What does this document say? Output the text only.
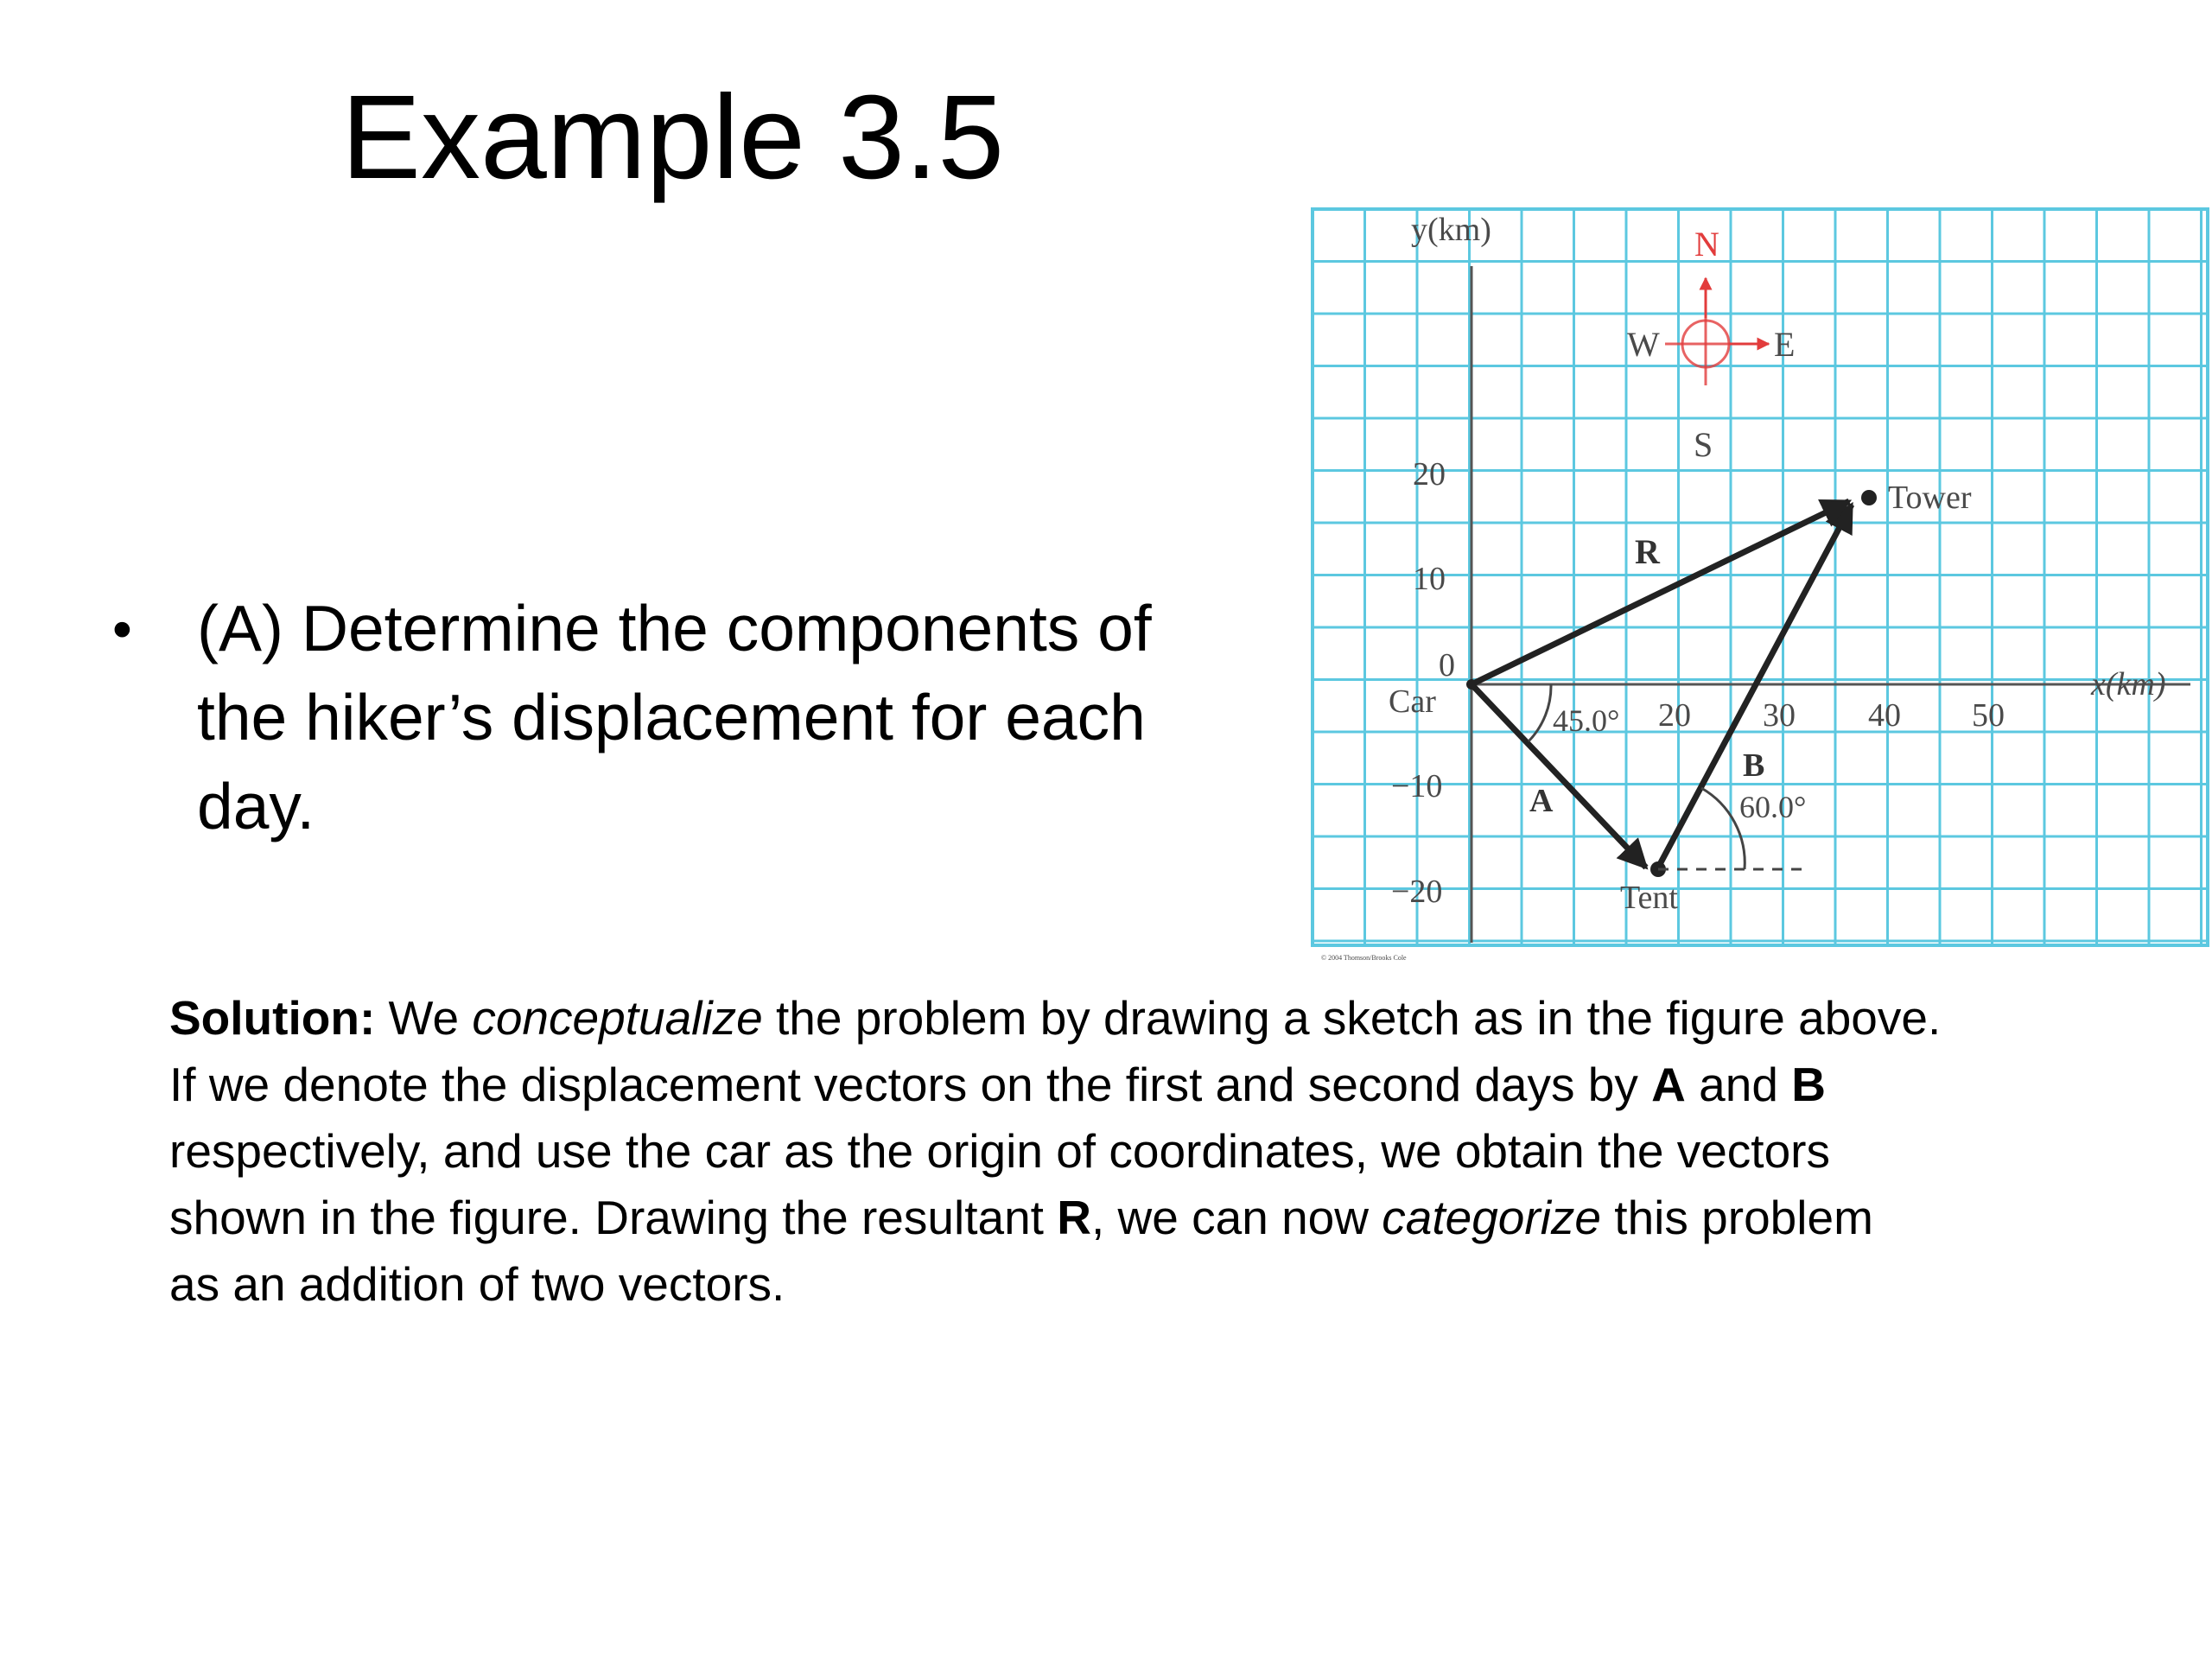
Example 3.5
• (A) Determine the components of
the hiker’s displacement for each
day.
y(km)
x(km)
20
10
0
Car
−10
−20
20 30 40 50
N
S
E
W
Tower
Tent
R
A
B
45.0°
60.0°
© 2004 Thomson/Brooks Cole
Solution: We conceptualize the problem by drawing a sketch as in the figure above.
If we denote the displacement vectors on the first and second days by A and B
respectively, and use the car as the origin of coordinates, we obtain the vectors
shown in the figure. Drawing the resultant R, we can now categorize this problem
as an addition of two vectors.
